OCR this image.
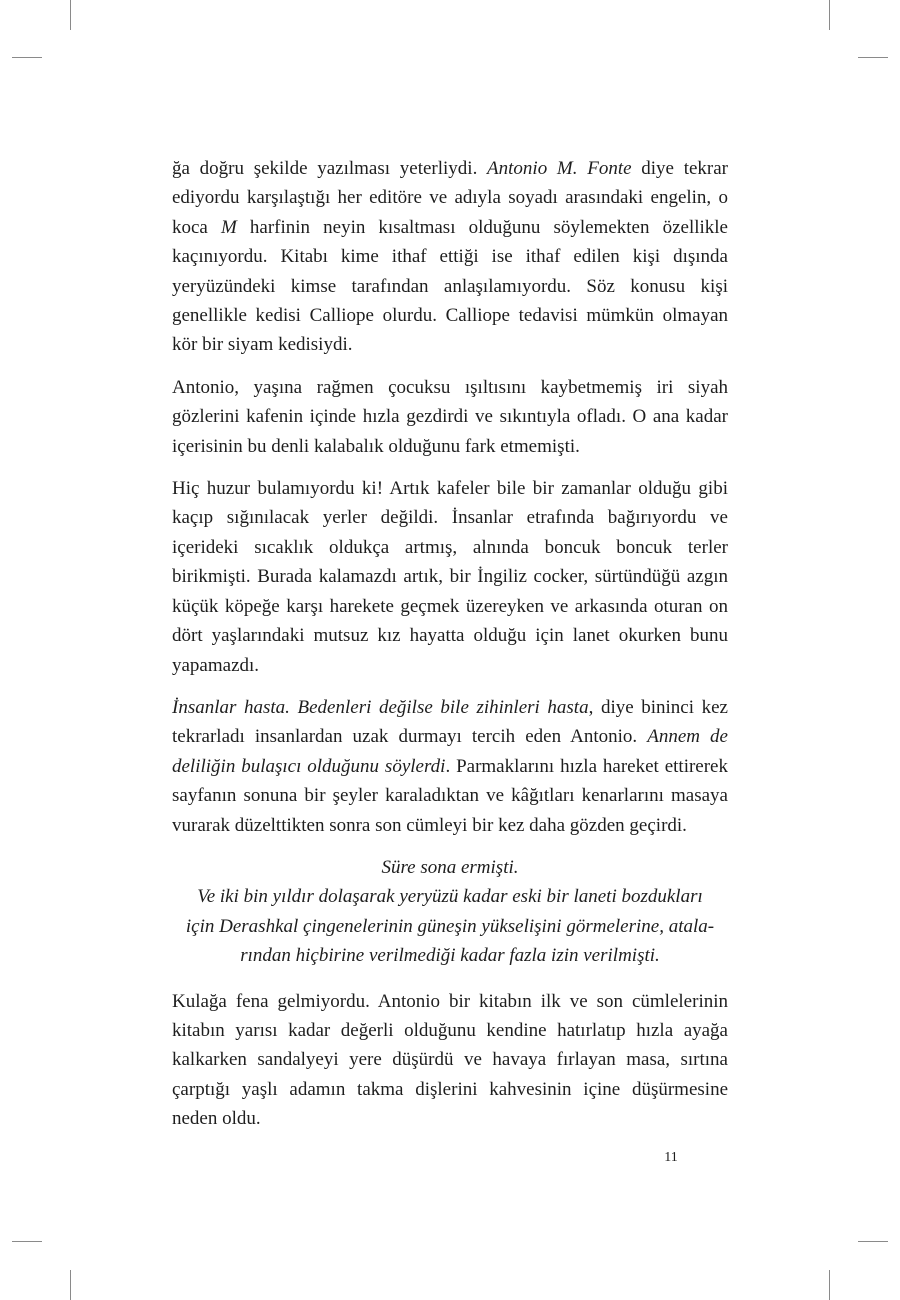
ğa doğru şekilde yazılması yeterliydi. Antonio M. Fonte diye tekrar ediyordu karşılaştığı her editöre ve adıyla soyadı arasındaki engelin, o koca M harfinin neyin kısaltması olduğunu söylemekten özellikle kaçınıyordu. Kitabı kime ithaf ettiği ise ithaf edilen kişi dışında yeryüzündeki kimse tarafından anlaşılamıyordu. Söz konusu kişi genellikle kedisi Calliope olurdu. Calliope tedavisi mümkün olmayan kör bir siyam kedisiydi.

Antonio, yaşına rağmen çocuksu ışıltısını kaybetmemiş iri siyah gözlerini kafenin içinde hızla gezdirdi ve sıkıntıyla ofladı. O ana kadar içerisinin bu denli kalabalık olduğunu fark etmemişti.

Hiç huzur bulamıyordu ki! Artık kafeler bile bir zamanlar olduğu gibi kaçıp sığınılacak yerler değildi. İnsanlar etrafında bağırıyordu ve içerideki sıcaklık oldukça artmış, alnında boncuk boncuk terler birikmişti. Burada kalamazdı artık, bir İngiliz cocker, sürtündüğü azgın küçük köpeğe karşı harekete geçmek üzereyken ve arkasında oturan on dört yaşlarındaki mutsuz kız hayatta olduğu için lanet okurken bunu yapamazdı.

İnsanlar hasta. Bedenleri değilse bile zihinleri hasta, diye bininci kez tekrarladı insanlardan uzak durmayı tercih eden Antonio. Annem de deliliğin bulaşıcı olduğunu söylerdi. Parmaklarını hızla hareket ettirerek sayfanın sonuna bir şeyler karaladıktan ve kâğıtları kenarlarını masaya vurarak düzelttikten sonra son cümleyi bir kez daha gözden geçirdi.

Süre sona ermişti.
Ve iki bin yıldır dolaşarak yeryüzü kadar eski bir laneti bozdukları
için Derashkal çingenelerinin güneşin yükselişini görmelerine, atala-
rından hiçbirine verilmediği kadar fazla izin verilmişti.

Kulağa fena gelmiyordu. Antonio bir kitabın ilk ve son cümlelerinin kitabın yarısı kadar değerli olduğunu kendine hatırlatıp hızla ayağa kalkarken sandalyeyi yere düşürdü ve havaya fırlayan masa, sırtına çarptığı yaşlı adamın takma dişlerini kahvesinin içine düşürmesine neden oldu.

11
